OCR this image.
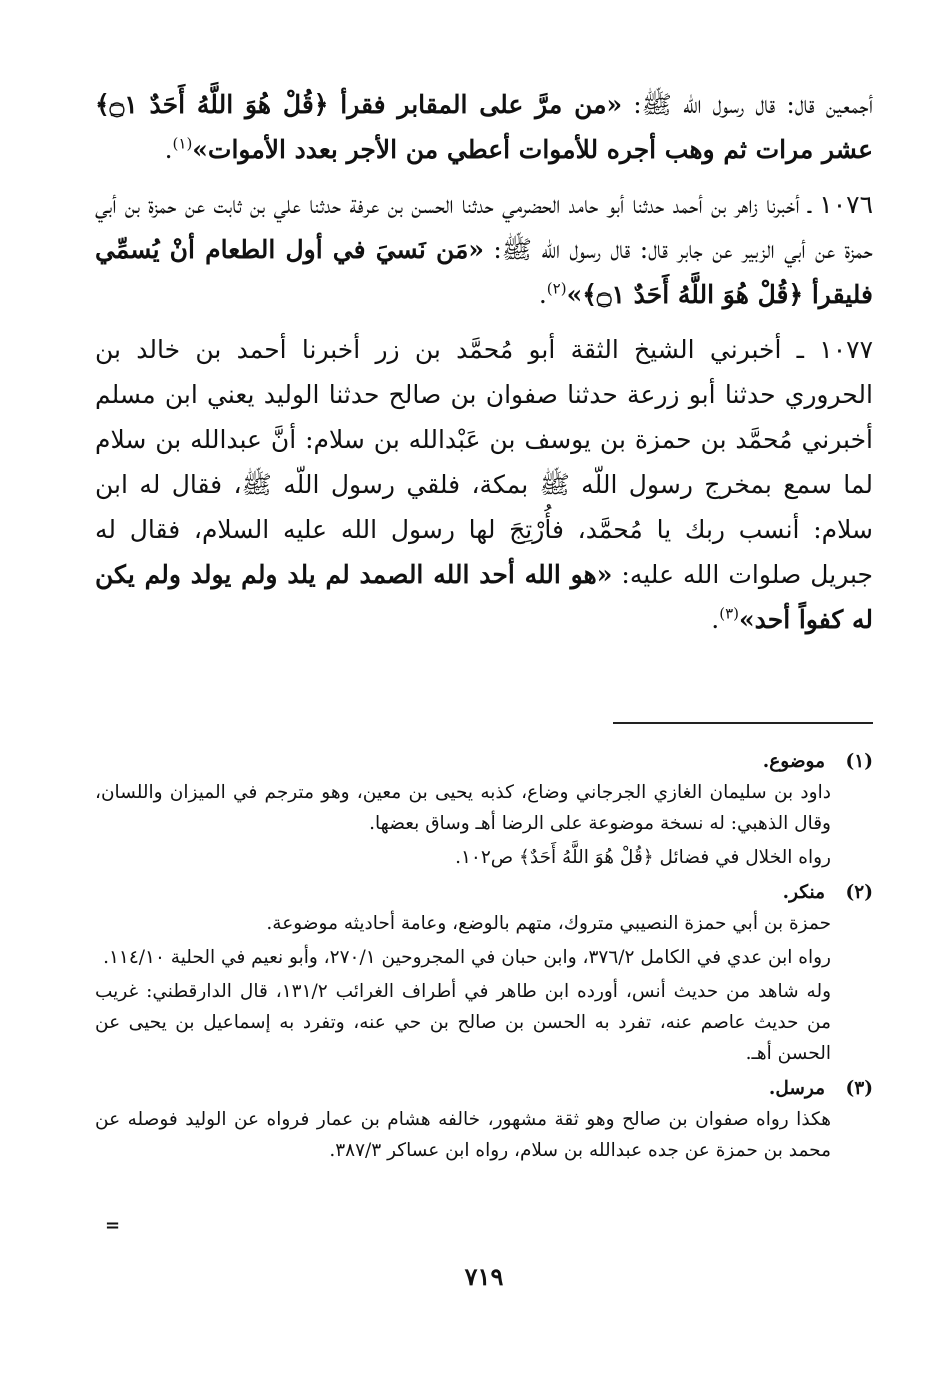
أجمعين قال: قال رسول اللّه ﷺ: «من مرَّ على المقابر فقرأ ﴿قُلْ هُوَ اللَّهُ أَحَدٌ ۝١﴾ عشر مرات ثم وهب أجره للأموات أعطي من الأجر بعدد الأموات»$^{(١)}$.

١٠٧٦ ـ أخبرنا زاهر بن أحمد حدثنا أبو حامد الحضرمي حدثنا الحسن بن عرفة حدثنا علي بن ثابت عن حمزة بن أبي حمزة عن أبي الزبير عن جابر قال: قال رسول اللّه ﷺ: «مَن نَسيَ في أول الطعام أنْ يُسمِّي فليقرأ ﴿قُلْ هُوَ اللَّهُ أَحَدٌ ۝١﴾»$^{(٢)}$.

١٠٧٧ ـ أخبرني الشيخ الثقة أبو مُحمَّد بن زر أخبرنا أحمد بن خالد بن الحروري حدثنا أبو زرعة حدثنا صفوان بن صالح حدثنا الوليد يعني ابن مسلم أخبرني مُحمَّد بن حمزة بن يوسف بن عَبْدالله بن سلام: أنَّ عبدالله بن سلام لما سمع بمخرج رسول اللّه ﷺ بمكة، فلقي رسول اللّه ﷺ، فقال له ابن سلام: أنسب ربك يا مُحمَّد، فأُرْتِجَ لها رسول الله عليه السلام، فقال له جبريل صلوات الله عليه: «هو الله أحد الله الصمد لم يلد ولم يولد ولم يكن له كفواً أحد»$^{(٣)}$.

(١)موضوع.

داود بن سليمان الغازي الجرجاني وضاع، كذبه يحيى بن معين، وهو مترجم في الميزان واللسان، وقال الذهبي: له نسخة موضوعة على الرضا أهـ وساق بعضها.

رواه الخلال في فضائل ﴿قُلْ هُوَ اللَّهُ أَحَدٌ﴾ ص١٠٢.

(٢)منكر.

حمزة بن أبي حمزة النصيبي متروك، متهم بالوضع، وعامة أحاديثه موضوعة.

رواه ابن عدي في الكامل ٣٧٦/٢، وابن حبان في المجروحين ٢٧٠/١، وأبو نعيم في الحلية ١١٤/١٠.

وله شاهد من حديث أنس، أورده ابن طاهر في أطراف الغرائب ١٣١/٢، قال الدارقطني: غريب من حديث عاصم عنه، تفرد به الحسن بن صالح بن حي عنه، وتفرد به إسماعيل بن يحيى عن الحسن أهـ.

(٣)مرسل.

هكذا رواه صفوان بن صالح وهو ثقة مشهور، خالفه هشام بن عمار فرواه عن الوليد فوصله عن محمد بن حمزة عن جده عبدالله بن سلام، رواه ابن عساكر ٣٨٧/٣.

=
٧١٩
